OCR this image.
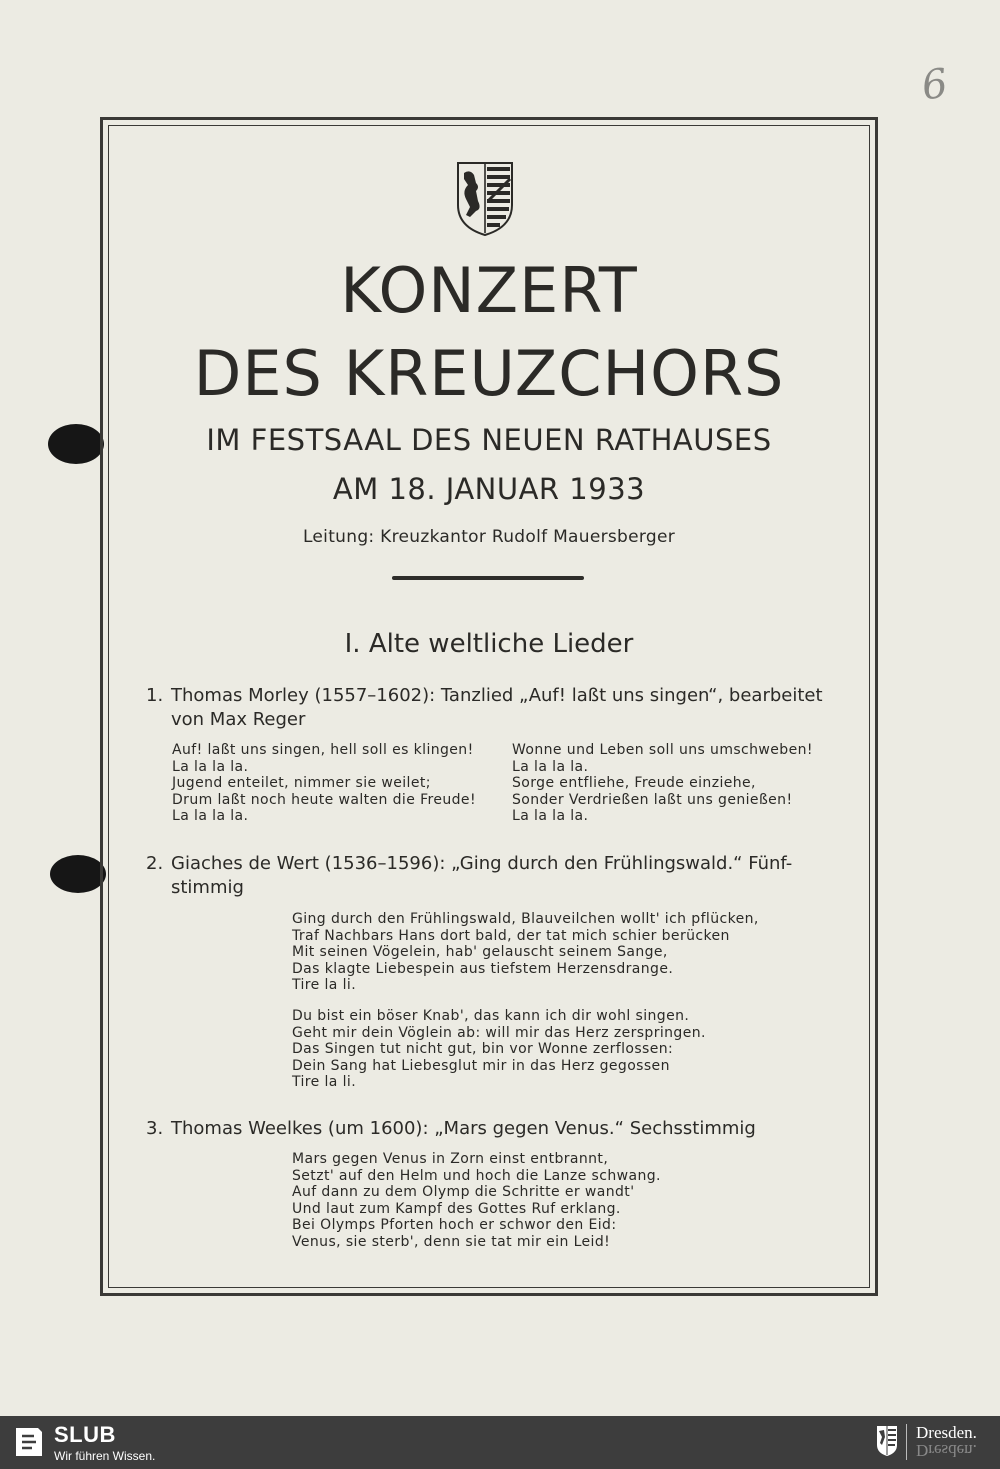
6
KONZERT
DES KREUZCHORS
IM FESTSAAL DES NEUEN RATHAUSES
AM 18. JANUAR 1933
Leitung: Kreuzkantor Rudolf Mauersberger
I. Alte weltliche Lieder
1. Thomas Morley (1557–1602): Tanzlied „Auf! laßt uns singen“, bearbeitet
von Max Reger
Auf! laßt uns singen, hell soll es klingen!
La la la la.
Jugend enteilet, nimmer sie weilet;
Drum laßt noch heute walten die Freude!
La la la la.
Wonne und Leben soll uns umschweben!
La la la la.
Sorge entfliehe, Freude einziehe,
Sonder Verdrießen laßt uns genießen!
La la la la.
2. Giaches de Wert (1536–1596): „Ging durch den Frühlingswald.“ Fünf-
stimmig
Ging durch den Frühlingswald, Blauveilchen wollt' ich pflücken,
Traf Nachbars Hans dort bald, der tat mich schier berücken
Mit seinen Vögelein, hab' gelauscht seinem Sange,
Das klagte Liebespein aus tiefstem Herzensdrange.
Tire la li.
Du bist ein böser Knab', das kann ich dir wohl singen.
Geht mir dein Vöglein ab: will mir das Herz zerspringen.
Das Singen tut nicht gut, bin vor Wonne zerflossen:
Dein Sang hat Liebesglut mir in das Herz gegossen
Tire la li.
3. Thomas Weelkes (um 1600): „Mars gegen Venus.“ Sechsstimmig
Mars gegen Venus in Zorn einst entbrannt,
Setzt' auf den Helm und hoch die Lanze schwang.
Auf dann zu dem Olymp die Schritte er wandt'
Und laut zum Kampf des Gottes Ruf erklang.
Bei Olymps Pforten hoch er schwor den Eid:
Venus, sie sterb', denn sie tat mir ein Leid!
SLUB
Wir führen Wissen.
Dresden.
Dresden.
